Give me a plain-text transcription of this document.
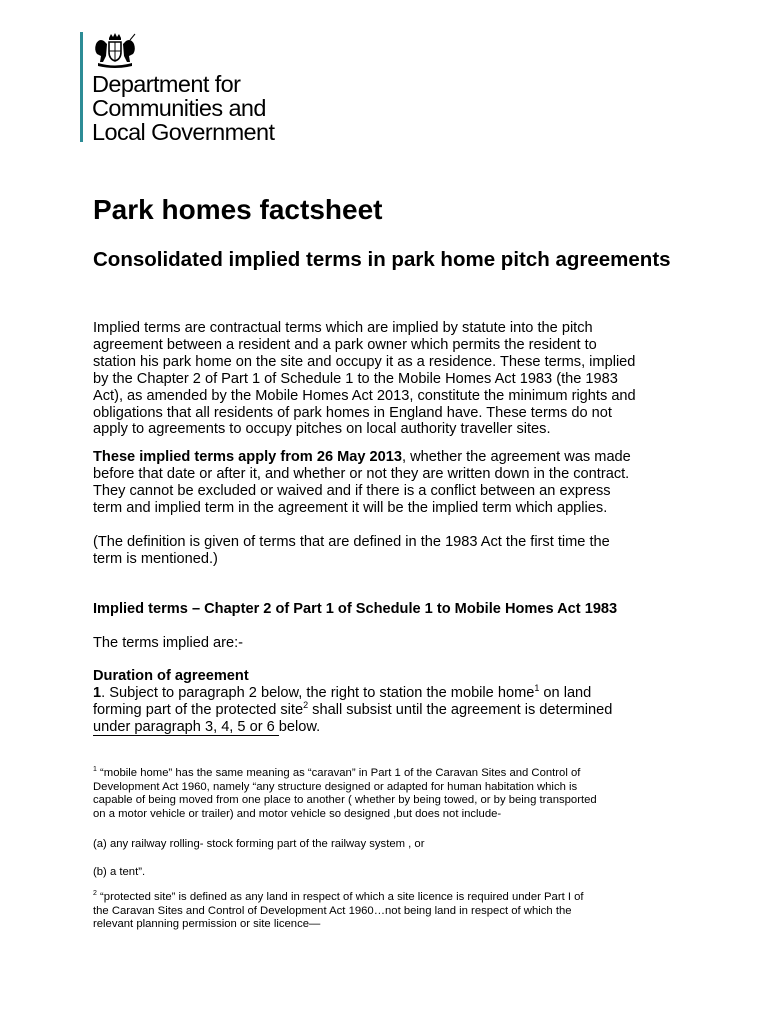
Department for
Communities and
Local Government
Park homes factsheet
Consolidated implied terms in park home pitch agreements
Implied terms are contractual terms which are implied by statute into the pitch
agreement between a resident and a park owner which permits the resident to
station his park home on the site and occupy it as a residence. These terms, implied
by the Chapter 2 of Part 1 of Schedule 1 to the Mobile Homes Act 1983 (the 1983
Act), as amended by the Mobile Homes Act 2013, constitute the minimum rights and
obligations that all residents of park homes in England have. These terms do not
apply to agreements to occupy pitches on local authority traveller sites.
These implied terms apply from 26 May 2013, whether the agreement was made
before that date or after it, and whether or not they are written down in the contract.
They cannot be excluded or waived and if there is a conflict between an express
term and implied term in the agreement it will be the implied term which applies.
(The definition is given of terms that are defined in the 1983 Act the first time the
term is mentioned.)
Implied terms – Chapter 2 of Part 1 of Schedule 1 to Mobile Homes Act 1983
The terms implied are:-
Duration of agreement
1. Subject to paragraph 2 below, the right to station the mobile home$^1$ on land
forming part of the protected site$^2$ shall subsist until the agreement is determined
under paragraph 3, 4, 5 or 6 below.
$^1$ “mobile home” has the same meaning as “caravan” in Part 1 of the Caravan Sites and Control of
Development Act 1960, namely “any structure designed or adapted for human habitation which is
capable of being moved from one place to another ( whether by being towed, or by being transported
on a motor vehicle or trailer) and motor vehicle so designed ,but does not include-
(a) any railway rolling- stock forming part of the railway system , or
(b) a tent”.
$^2$ “protected site” is defined as any land in respect of which a site licence is required under Part I of
the Caravan Sites and Control of Development Act 1960…not being land in respect of which the
relevant planning permission or site licence—
